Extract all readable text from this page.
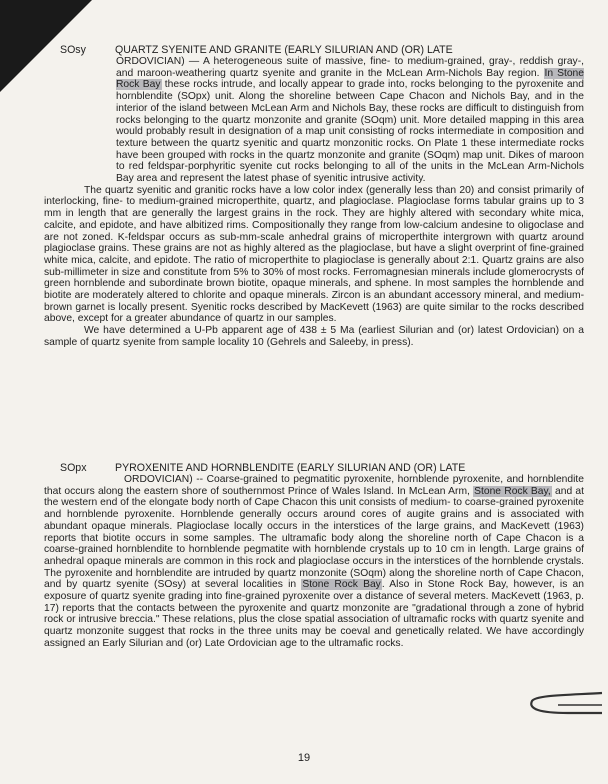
SOsy	QUARTZ SYENITE AND GRANITE (EARLY SILURIAN AND (OR) LATE

ORDOVICIAN) — A heterogeneous suite of massive, fine- to medium-grained, gray-, reddish gray-, and maroon-weathering quartz syenite and granite in the McLean Arm-Nichols Bay region. In Stone Rock Bay these rocks intrude, and locally appear to grade into, rocks belonging to the pyroxenite and hornblendite (SOpx) unit. Along the shoreline between Cape Chacon and Nichols Bay, and in the interior of the island between McLean Arm and Nichols Bay, these rocks are difficult to distinguish from rocks belonging to the quartz monzonite and granite (SOqm) unit. More detailed mapping in this area would probably result in designation of a map unit consisting of rocks intermediate in composition and texture between the quartz syenitic and quartz monzonitic rocks. On Plate 1 these intermediate rocks have been grouped with rocks in the quartz monzonite and granite (SOqm) map unit. Dikes of maroon to red feldspar-porphyritic syenite cut rocks belonging to all of the units in the McLean Arm-Nichols Bay area and represent the latest phase of syenitic intrusive activity.

The quartz syenitic and granitic rocks have a low color index (generally less than 20) and consist primarily of interlocking, fine- to medium-grained microperthite, quartz, and plagioclase. Plagioclase forms tabular grains up to 3 mm in length that are generally the largest grains in the rock. They are highly altered with secondary white mica, calcite, and epidote, and have albitized rims. Compositionally they range from low-calcium andesine to oligoclase and are not zoned. K-feldspar occurs as sub-mm-scale anhedral grains of microperthite intergrown with quartz around plagioclase grains. These grains are not as highly altered as the plagioclase, but have a slight overprint of fine-grained white mica, calcite, and epidote. The ratio of microperthite to plagioclase is generally about 2:1. Quartz grains are also sub-millimeter in size and constitute from 5% to 30% of most rocks. Ferromagnesian minerals include glomerocrysts of green hornblende and subordinate brown biotite, opaque minerals, and sphene. In most samples the hornblende and biotite are moderately altered to chlorite and opaque minerals. Zircon is an abundant accessory mineral, and medium-brown garnet is locally present. Syenitic rocks described by MacKevett (1963) are quite similar to the rocks described above, except for a greater abundance of quartz in our samples.

We have determined a U-Pb apparent age of 438 ± 5 Ma (earliest Silurian and (or) latest Ordovician) on a sample of quartz syenite from sample locality 10 (Gehrels and Saleeby, in press).

SOpx	PYROXENITE AND HORNBLENDITE (EARLY SILURIAN AND (OR) LATE

ORDOVICIAN) -- Coarse-grained to pegmatitic pyroxenite, hornblende pyroxenite, and hornblendite that occurs along the eastern shore of southernmost Prince of Wales Island. In McLean Arm, Stone Rock Bay, and at the western end of the elongate body north of Cape Chacon this unit consists of medium- to coarse-grained pyroxenite and hornblende pyroxenite. Hornblende generally occurs around cores of augite grains and is associated with abundant opaque minerals. Plagioclase locally occurs in the interstices of the large grains, and MacKevett (1963) reports that biotite occurs in some samples. The ultramafic body along the shoreline north of Cape Chacon is a coarse-grained hornblendite to hornblende pegmatite with hornblende crystals up to 10 cm in length. Large grains of anhedral opaque minerals are common in this rock and plagioclase occurs in the interstices of the hornblende crystals. The pyroxenite and hornblendite are intruded by quartz monzonite (SOqm) along the shoreline north of Cape Chacon, and by quartz syenite (SOsy) at several localities in Stone Rock Bay. Also in Stone Rock Bay, however, is an exposure of quartz syenite grading into fine-grained pyroxenite over a distance of several meters. MacKevett (1963, p. 17) reports that the contacts between the pyroxenite and quartz monzonite are "gradational through a zone of hybrid rock or intrusive breccia." These relations, plus the close spatial association of ultramafic rocks with quartz syenite and quartz monzonite suggest that rocks in the three units may be coeval and genetically related. We have accordingly assigned an Early Silurian and (or) Late Ordovician age to the ultramafic rocks.

19
